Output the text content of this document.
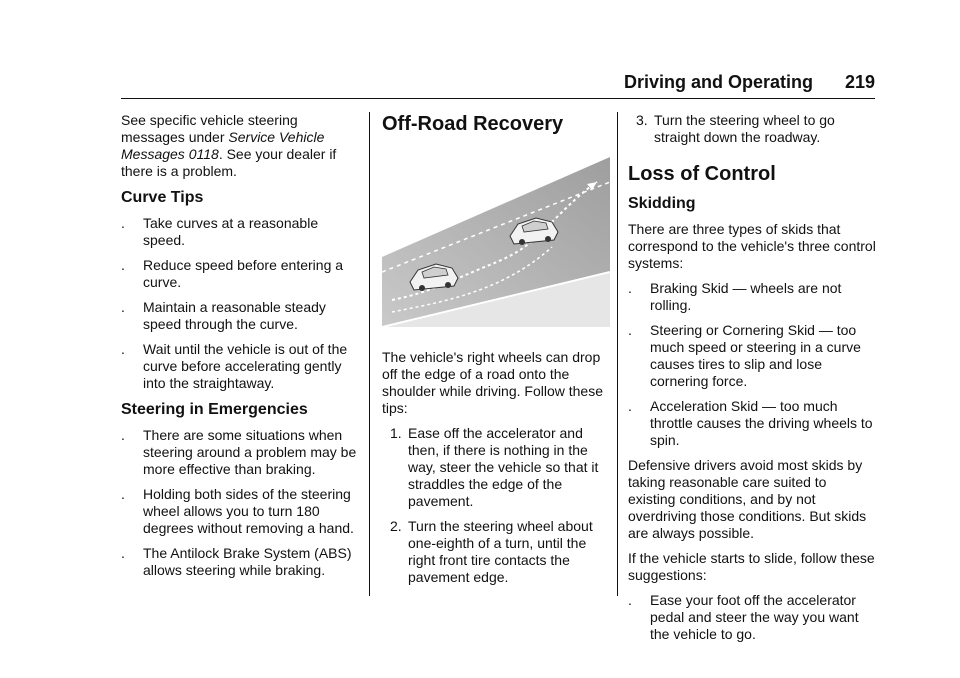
Driving and Operating 219

See specific vehicle steering messages under Service Vehicle Messages 0118. See your dealer if there is a problem.

Curve Tips
.	Take curves at a reasonable speed.
.	Reduce speed before entering a curve.
.	Maintain a reasonable steady speed through the curve.
.	Wait until the vehicle is out of the curve before accelerating gently into the straightaway.
Steering in Emergencies
.	There are some situations when steering around a problem may be more effective than braking.
.	Holding both sides of the steering wheel allows you to turn 180 degrees without removing a hand.
.	The Antilock Brake System (ABS) allows steering while braking.
Off-Road Recovery

The vehicle's right wheels can drop off the edge of a road onto the shoulder while driving. Follow these tips:

1. Ease off the accelerator and then, if there is nothing in the way, steer the vehicle so that it straddles the edge of the pavement.
2. Turn the steering wheel about one-eighth of a turn, until the right front tire contacts the pavement edge.
3. Turn the steering wheel to go straight down the roadway.
Loss of Control
Skidding

There are three types of skids that correspond to the vehicle's three control systems:

.	Braking Skid — wheels are not rolling.
.	Steering or Cornering Skid — too much speed or steering in a curve causes tires to slip and lose cornering force.
.	Acceleration Skid — too much throttle causes the driving wheels to spin.

Defensive drivers avoid most skids by taking reasonable care suited to existing conditions, and by not overdriving those conditions. But skids are always possible.

If the vehicle starts to slide, follow these suggestions:

.	Ease your foot off the accelerator pedal and steer the way you want the vehicle to go.
